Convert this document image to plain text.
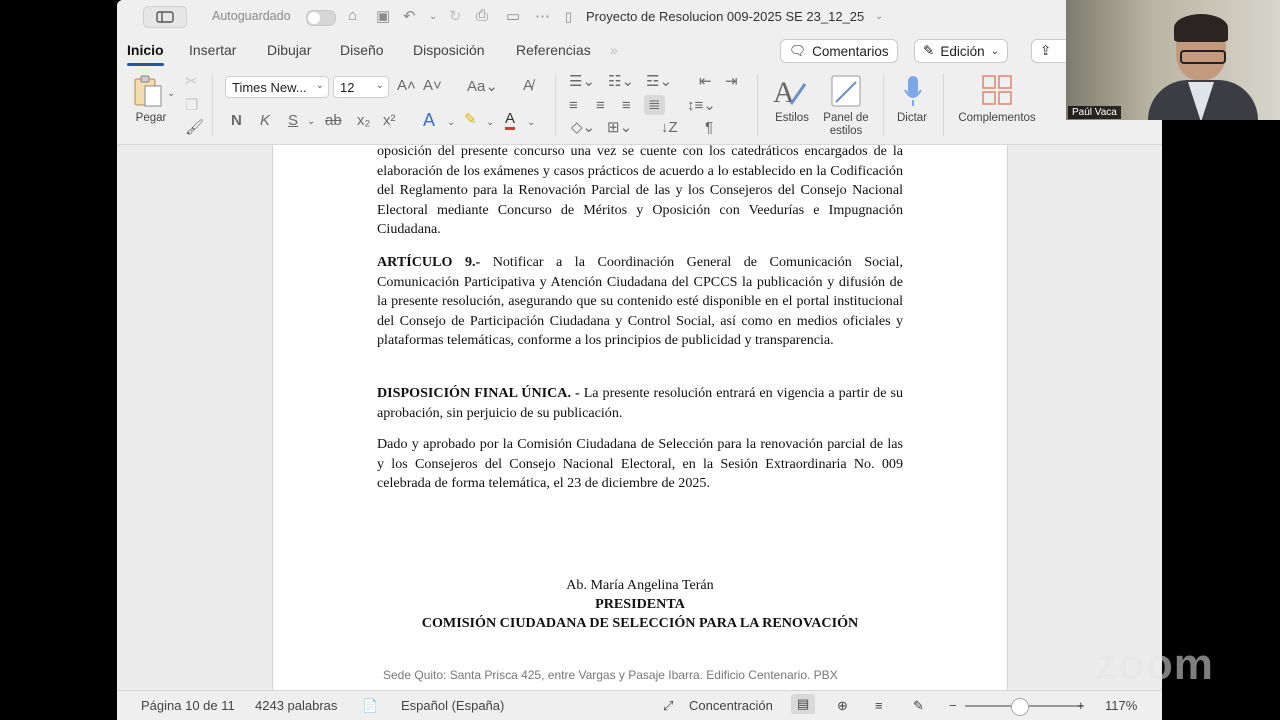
Autoguardado	⌂ ▣ ↶ ⌄ ↻ ⎙ ▭ ⋯ ▯ Proyecto de Resolucion 009-2025 SE 23_12_25 ⌄
Inicio Insertar Dibujar Diseño Disposición Referencias »	🗨 Comentarios	✎ Edición ⌄	⇪
⌄
Pegar
✂
❐
🖌
Times New... ⌄ 12 ⌄ A˄ A˅ Aa⌄ A̸
N K S ⌄ ab x₂ x² A ⌄ ✎ ⌄ A ⌄
☰⌄ ☷⌄ ☲⌄ ⇤ ⇥
≡ ≡ ≡ ≣ ↕≡⌄
◇⌄ ⊞⌄ ↓Z ¶
A
Estilos	Panel de
estilos
Dictar	Complementos

oposición del presente concurso una vez se cuente con los catedráticos encargados de la elaboración de los exámenes y casos prácticos de acuerdo a lo establecido en la Codificación del Reglamento para la Renovación Parcial de las y los Consejeros del Consejo Nacional Electoral mediante Concurso de Méritos y Oposición con Veedurías e Impugnación Ciudadana.

ARTÍCULO 9.- Notificar a la Coordinación General de Comunicación Social, Comunicación Participativa y Atención Ciudadana del CPCCS la publicación y difusión de la presente resolución, asegurando que su contenido esté disponible en el portal institucional del Consejo de Participación Ciudadana y Control Social, así como en medios oficiales y plataformas telemáticas, conforme a los principios de publicidad y transparencia.

DISPOSICIÓN FINAL ÚNICA. - La presente resolución entrará en vigencia a partir de su aprobación, sin perjuicio de su publicación.

Dado y aprobado por la Comisión Ciudadana de Selección para la renovación parcial de las y los Consejeros del Consejo Nacional Electoral, en la Sesión Extraordinaria No. 009 celebrada de forma telemática, el 23 de diciembre de 2025.

Ab. María Angelina Terán
PRESIDENTA
COMISIÓN CIUDADANA DE SELECCIÓN PARA LA RENOVACIÓN
Sede Quito: Santa Prisca 425, entre Vargas y Pasaje Ibarra. Edificio Centenario. PBX
Página 10 de 11 4243 palabras 📄 Español (España)	⤢ Concentración	▤	⊕ ≡ ✎ −	+ 117%
Paúl Vaca
zoom
